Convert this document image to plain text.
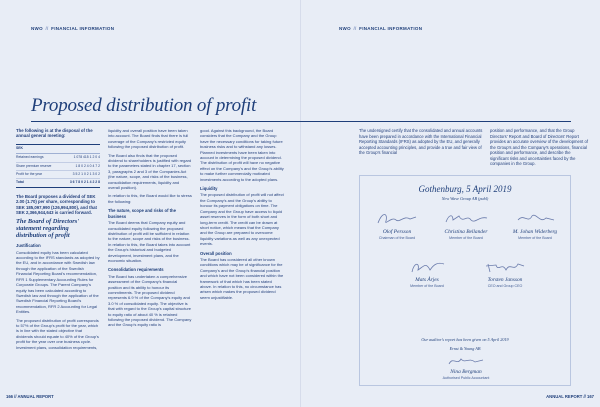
NWO // FINANCIAL INFORMATION
166 // ANNUAL REPORT	ANNUAL REPORT // 167
NWO // FINANCIAL INFORMATION
Proposed distribution of profit

The following is at the disposal of the annual general meeting:

SEK
Retained earnings	1 078 415 1 2 0 4
Share premium reserve	1 8 0 2 4 0 4 7 2
Profit for the year	3 5 2 1 0 2 1 3 0 2
Total	3 6 7 8 0 2 1 4 2 2 8

The Board proposes a dividend of SEK 2.00 (1.70) per share, corresponding to SEK 185,097,990 (126,994,800), and that SEK 2,366,944,643 is carried forward.

The Board of Directors' statement regarding distribution of profit
Justification

Consolidated equity has been calculated according to the IFRS standards as adopted by the EU, and in accordance with Swedish law through the application of the Swedish Financial Reporting Board's recommendation, RFR 1 Supplementary Accounting Rules for Corporate Groups. The Parent Company's equity has been calculated according to Swedish law and through the application of the Swedish Financial Reporting Board's recommendation, RFR 2 Accounting for Legal Entities.

The proposed distribution of profit corresponds to 57% of the Group's profit for the year, which is in line with the stated objective that dividends should equate to 40% of the Group's profit for the year over one business cycle. Investment plans, consolidation requirements,

liquidity and overall position have been taken into account. The Board finds that there is full coverage of the Company's restricted equity following the proposed distribution of profit.

The Board also finds that the proposed dividend to shareholders is justified with regard to the parameters stated in chapter 17, section 3, paragraphs 2 and 3 of the Companies Act (the nature, scope, and risks of the business, consolidation requirements, liquidity and overall position).

In relation to this, the Board would like to stress the following:

The nature, scope and risks of the business

The Board deems that Company equity and consolidated equity following the proposed distribution of profit will be sufficient in relation to the nature, scope and risks of the business. In relation to this, the Board takes into account the Group's historical and budgeted development, investment plans, and the economic situation.

Consolidation requirements

The Board has undertaken a comprehensive assessment of the Company's financial position and its ability to honour its commitments. The proposed dividend represents 6.9 % of the Company's equity and 3.0 % of consolidated equity. The objective is that with regard to the Group's capital structure to equity ratio of about 40 % is retained following the proposed dividend. The Company and the Group's equity ratio is

good. Against this background, the Board considers that the Company and the Group have the necessary conditions for taking future business risks and to withstand any losses. Planned investments have been taken into account in determining the proposed dividend. The distribution of profit will have no negative effect on the Company's and the Group's ability to make further commercially motivated investments according to the adopted plans.

Liquidity

The proposed distribution of profit will not affect the Company's and the Group's ability to honour its payment obligations on time. The Company and the Group have access to liquid asset reserves in the form of both short and long-term credit. The credit can be drawn at short notice, which means that the Company and the Group are prepared to overcome liquidity variations as well as any unexpected events.

Overall position

The Board has considered all other known conditions which may be of significance for the Company's and the Group's financial position and which have not been considered within the framework of that which has been stated above. In relation to this, no circumstance has arisen which makes the proposed dividend seem unjustifiable.

The undersigned certify that the consolidated and annual accounts have been prepared in accordance with the International Financial Reporting Standards (IFRS) as adopted by the EU, and generally accepted accounting principles, and provide a true and fair view of the Group's financial
position and performance, and that the Group Directors' Report and Board of Directors' Report provides an accurate overview of the development of the Group's and the Company's operations, financial position and performance, and describe the significant risks and uncertainties faced by the companies in the Group.
Gothenburg, 5 April 2019
New Wave Group AB (publ)
Olof Persson
Chairman of the Board
Christina Bellander
Member of the Board
M. Johan Widerberg
Member of the Board
Mats Årjes
Member of the Board
Torsten Jansson
CEO and Group CEO
Our auditor's report has been given on 5 April 2019
Ernst & Young AB
Nina Bergman
Authorised Public Accountant
